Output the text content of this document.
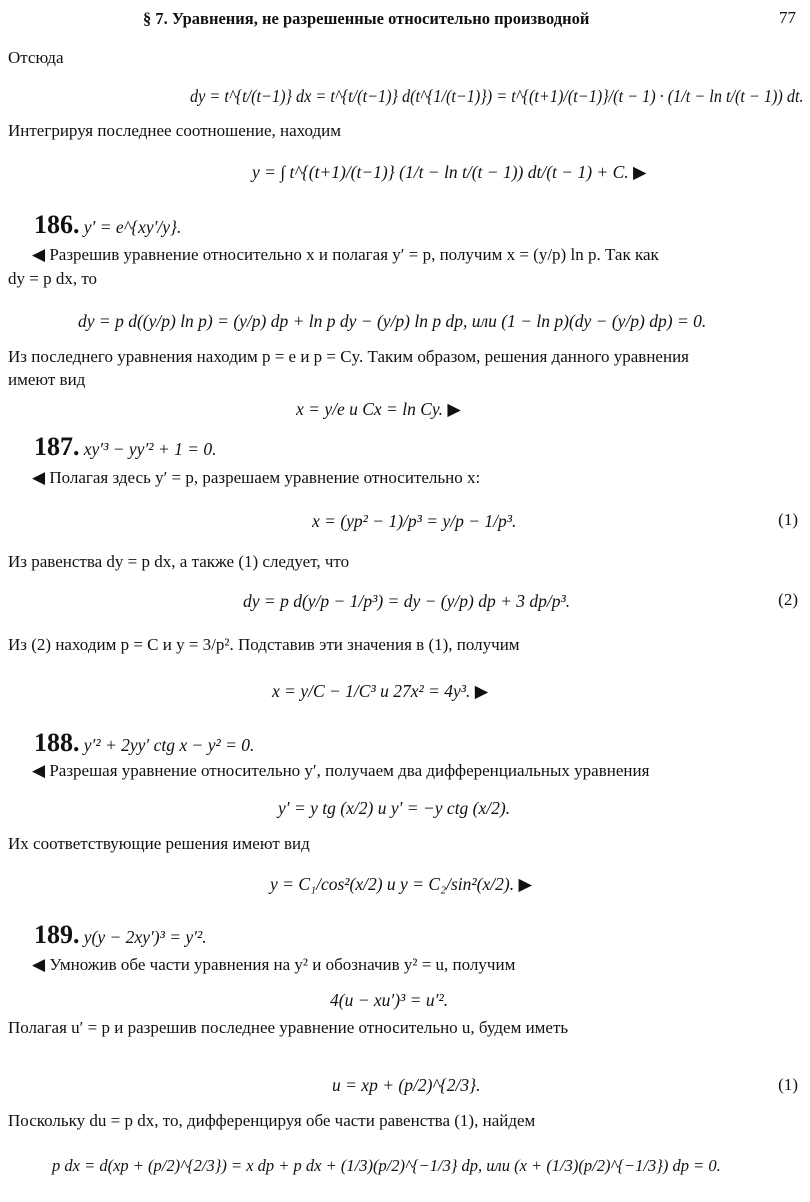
§ 7. Уравнения, не разрешенные относительно производной	77
Отсюда
dy = t^{t/(t−1)} dx = t^{t/(t−1)} d(t^{1/(t−1)}) = t^{(t+1)/(t−1)}/(t − 1) · (1/t − ln t/(t − 1)) dt.
Интегрируя последнее соотношение, находим
y = ∫ t^{(t+1)/(t−1)} (1/t − ln t/(t − 1)) dt/(t − 1) + C. ▶
186. y′ = e^{xy′/y}.
◀ Разрешив уравнение относительно x и полагая y′ = p, получим x = (y/p) ln p. Так как
dy = p dx, то
dy = p d((y/p) ln p) = (y/p) dp + ln p dy − (y/p) ln p dp, или (1 − ln p)(dy − (y/p) dp) = 0.
Из последнего уравнения находим p = e и p = Cy. Таким образом, решения данного уравнения
имеют вид
x = y/e и Cx = ln Cy. ▶
187. xy′³ − yy′² + 1 = 0.
◀ Полагая здесь y′ = p, разрешаем уравнение относительно x:
x = (yp² − 1)/p³ = y/p − 1/p³.	(1)
Из равенства dy = p dx, а также (1) следует, что
dy = p d(y/p − 1/p³) = dy − (y/p) dp + 3 dp/p³.	(2)
Из (2) находим p = C и y = 3/p². Подставив эти значения в (1), получим
x = y/C − 1/C³ и 27x² = 4y³. ▶
188. y′² + 2yy′ ctg x − y² = 0.
◀ Разрешая уравнение относительно y′, получаем два дифференциальных уравнения
y′ = y tg (x/2) и y′ = −y ctg (x/2).
Их соответствующие решения имеют вид
y = C₁/cos²(x/2) и y = C₂/sin²(x/2). ▶
189. y(y − 2xy′)³ = y′².
◀ Умножив обе части уравнения на y² и обозначив y² = u, получим
4(u − xu′)³ = u′².
Полагая u′ = p и разрешив последнее уравнение относительно u, будем иметь
u = xp + (p/2)^{2/3}.	(1)
Поскольку du = p dx, то, дифференцируя обе части равенства (1), найдем
p dx = d(xp + (p/2)^{2/3}) = x dp + p dx + (1/3)(p/2)^{−1/3} dp, или (x + (1/3)(p/2)^{−1/3}) dp = 0.
